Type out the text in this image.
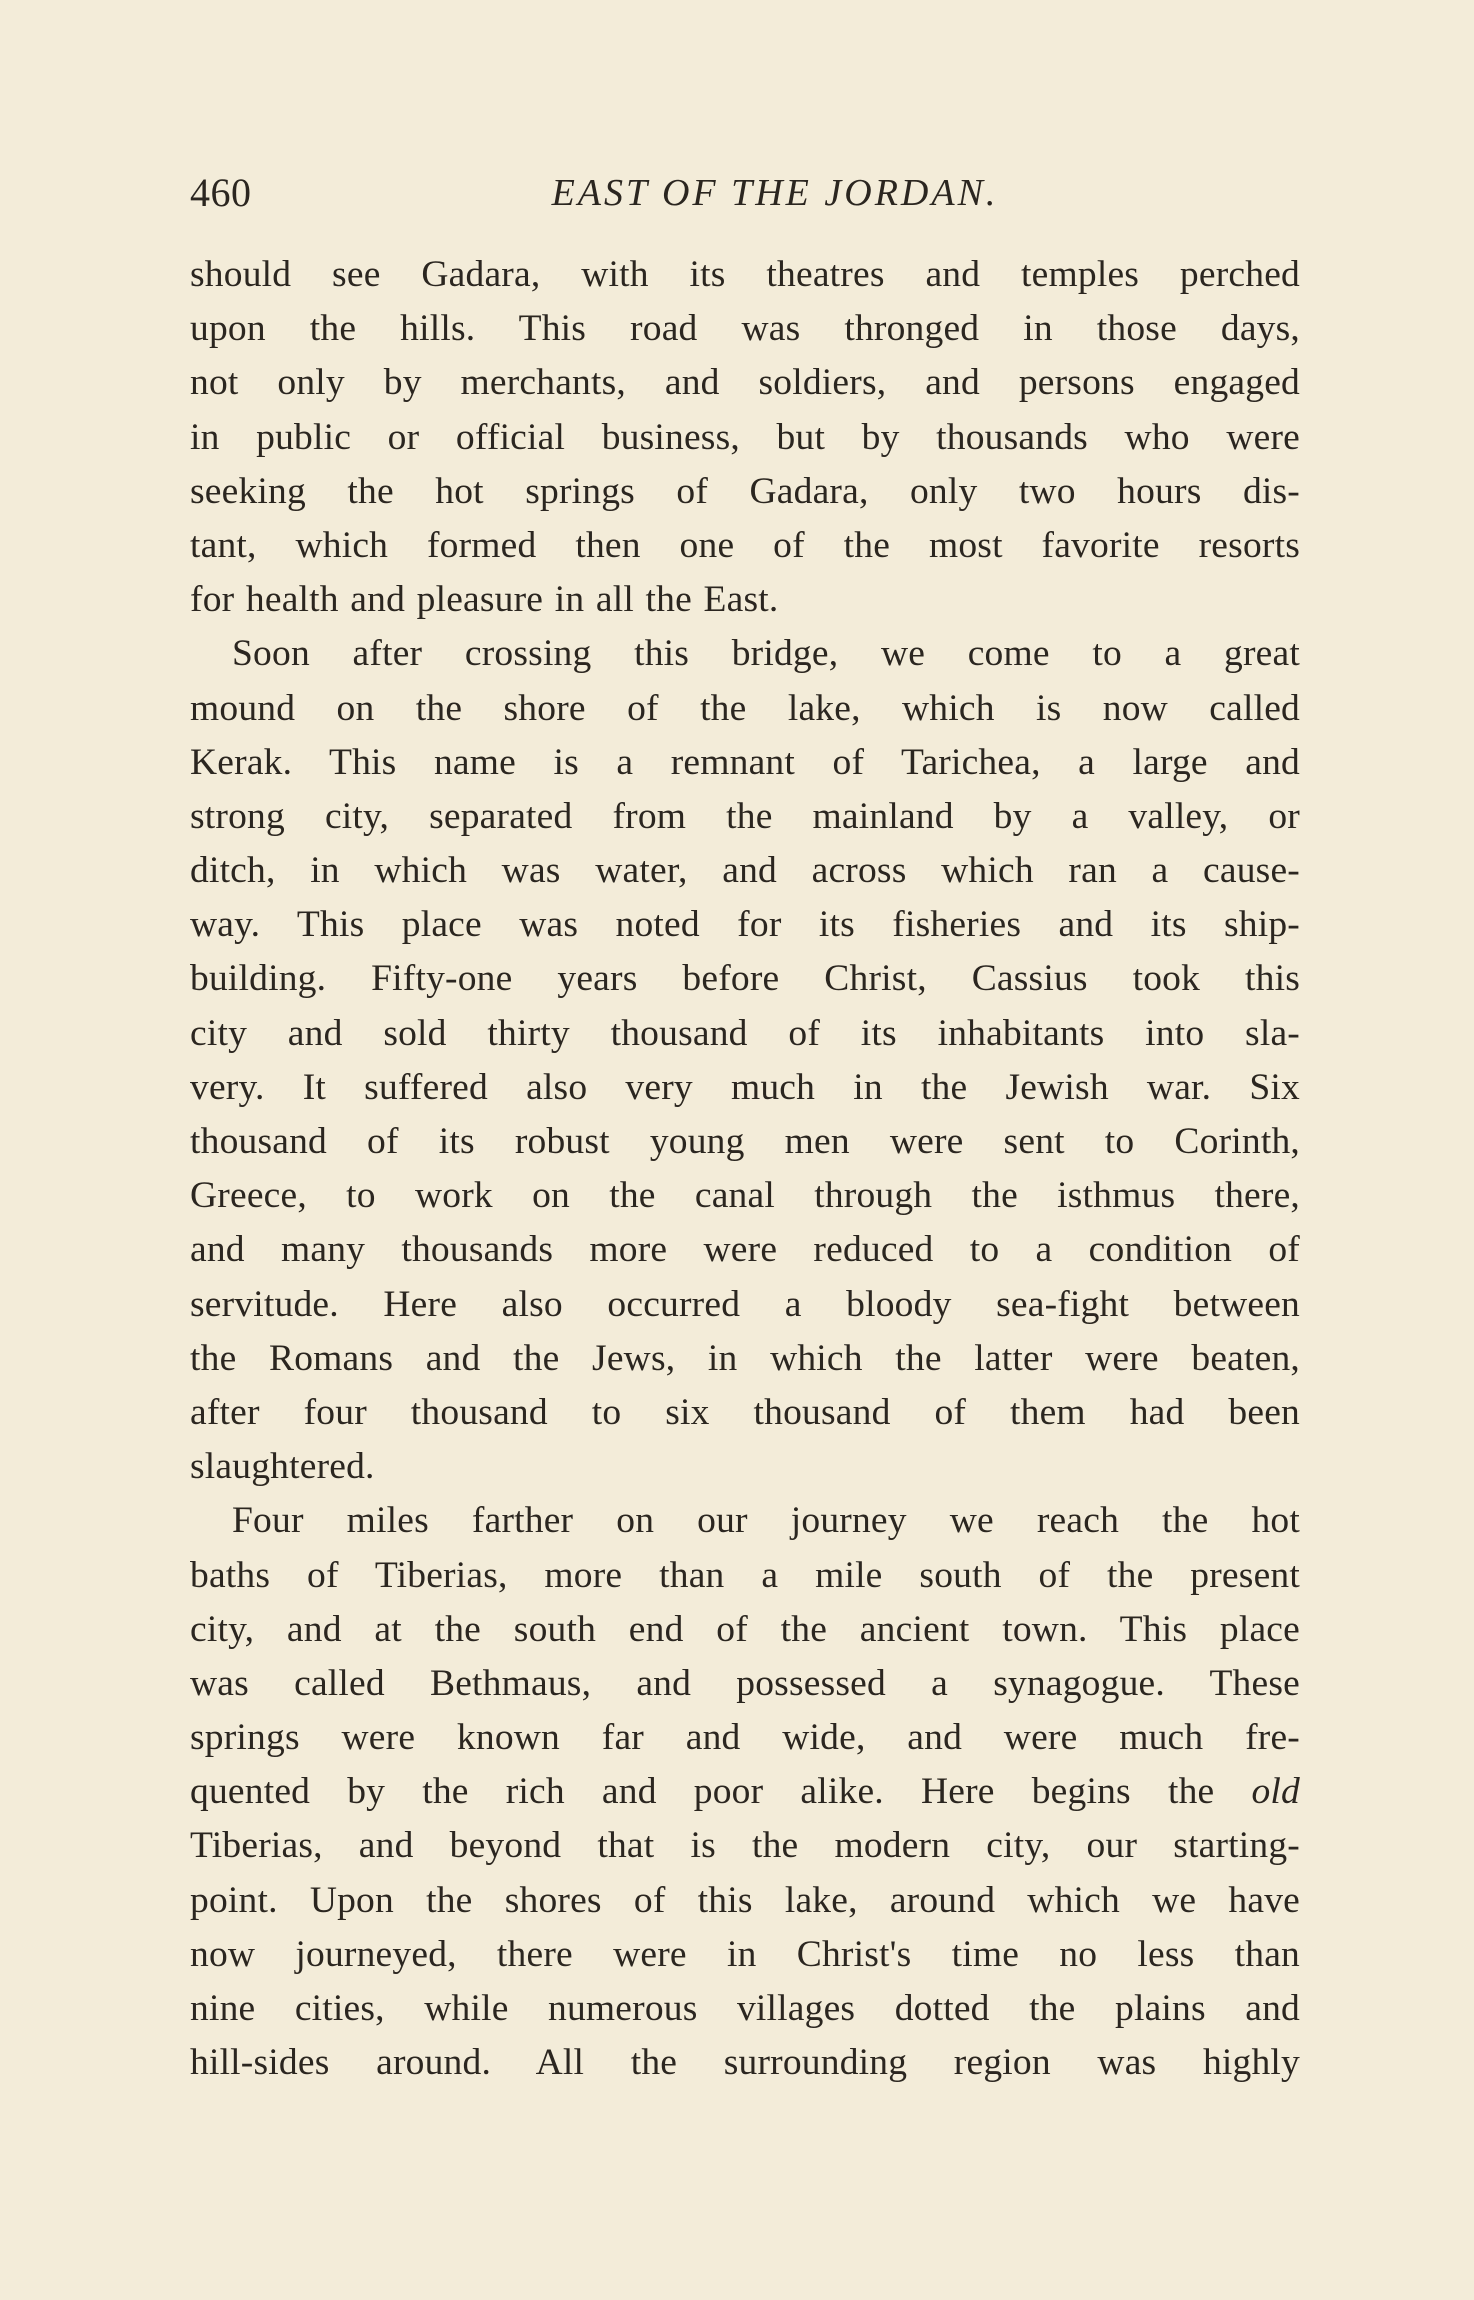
460	EAST OF THE JORDAN.
should see Gadara, with its theatres and temples perched
upon the hills. This road was thronged in those days,
not only by merchants, and soldiers, and persons engaged
in public or official business, but by thousands who were
seeking the hot springs of Gadara, only two hours dis-
tant, which formed then one of the most favorite resorts
for health and pleasure in all the East.
Soon after crossing this bridge, we come to a great
mound on the shore of the lake, which is now called
Kerak. This name is a remnant of Tarichea, a large and
strong city, separated from the mainland by a valley, or
ditch, in which was water, and across which ran a cause-
way. This place was noted for its fisheries and its ship-
building. Fifty-one years before Christ, Cassius took this
city and sold thirty thousand of its inhabitants into sla-
very. It suffered also very much in the Jewish war. Six
thousand of its robust young men were sent to Corinth,
Greece, to work on the canal through the isthmus there,
and many thousands more were reduced to a condition of
servitude. Here also occurred a bloody sea-fight between
the Romans and the Jews, in which the latter were beaten,
after four thousand to six thousand of them had been
slaughtered.
Four miles farther on our journey we reach the hot
baths of Tiberias, more than a mile south of the present
city, and at the south end of the ancient town. This place
was called Bethmaus, and possessed a synagogue. These
springs were known far and wide, and were much fre-
quented by the rich and poor alike. Here begins the old
Tiberias, and beyond that is the modern city, our starting-
point. Upon the shores of this lake, around which we have
now journeyed, there were in Christ's time no less than
nine cities, while numerous villages dotted the plains and
hill-sides around. All the surrounding region was highly
